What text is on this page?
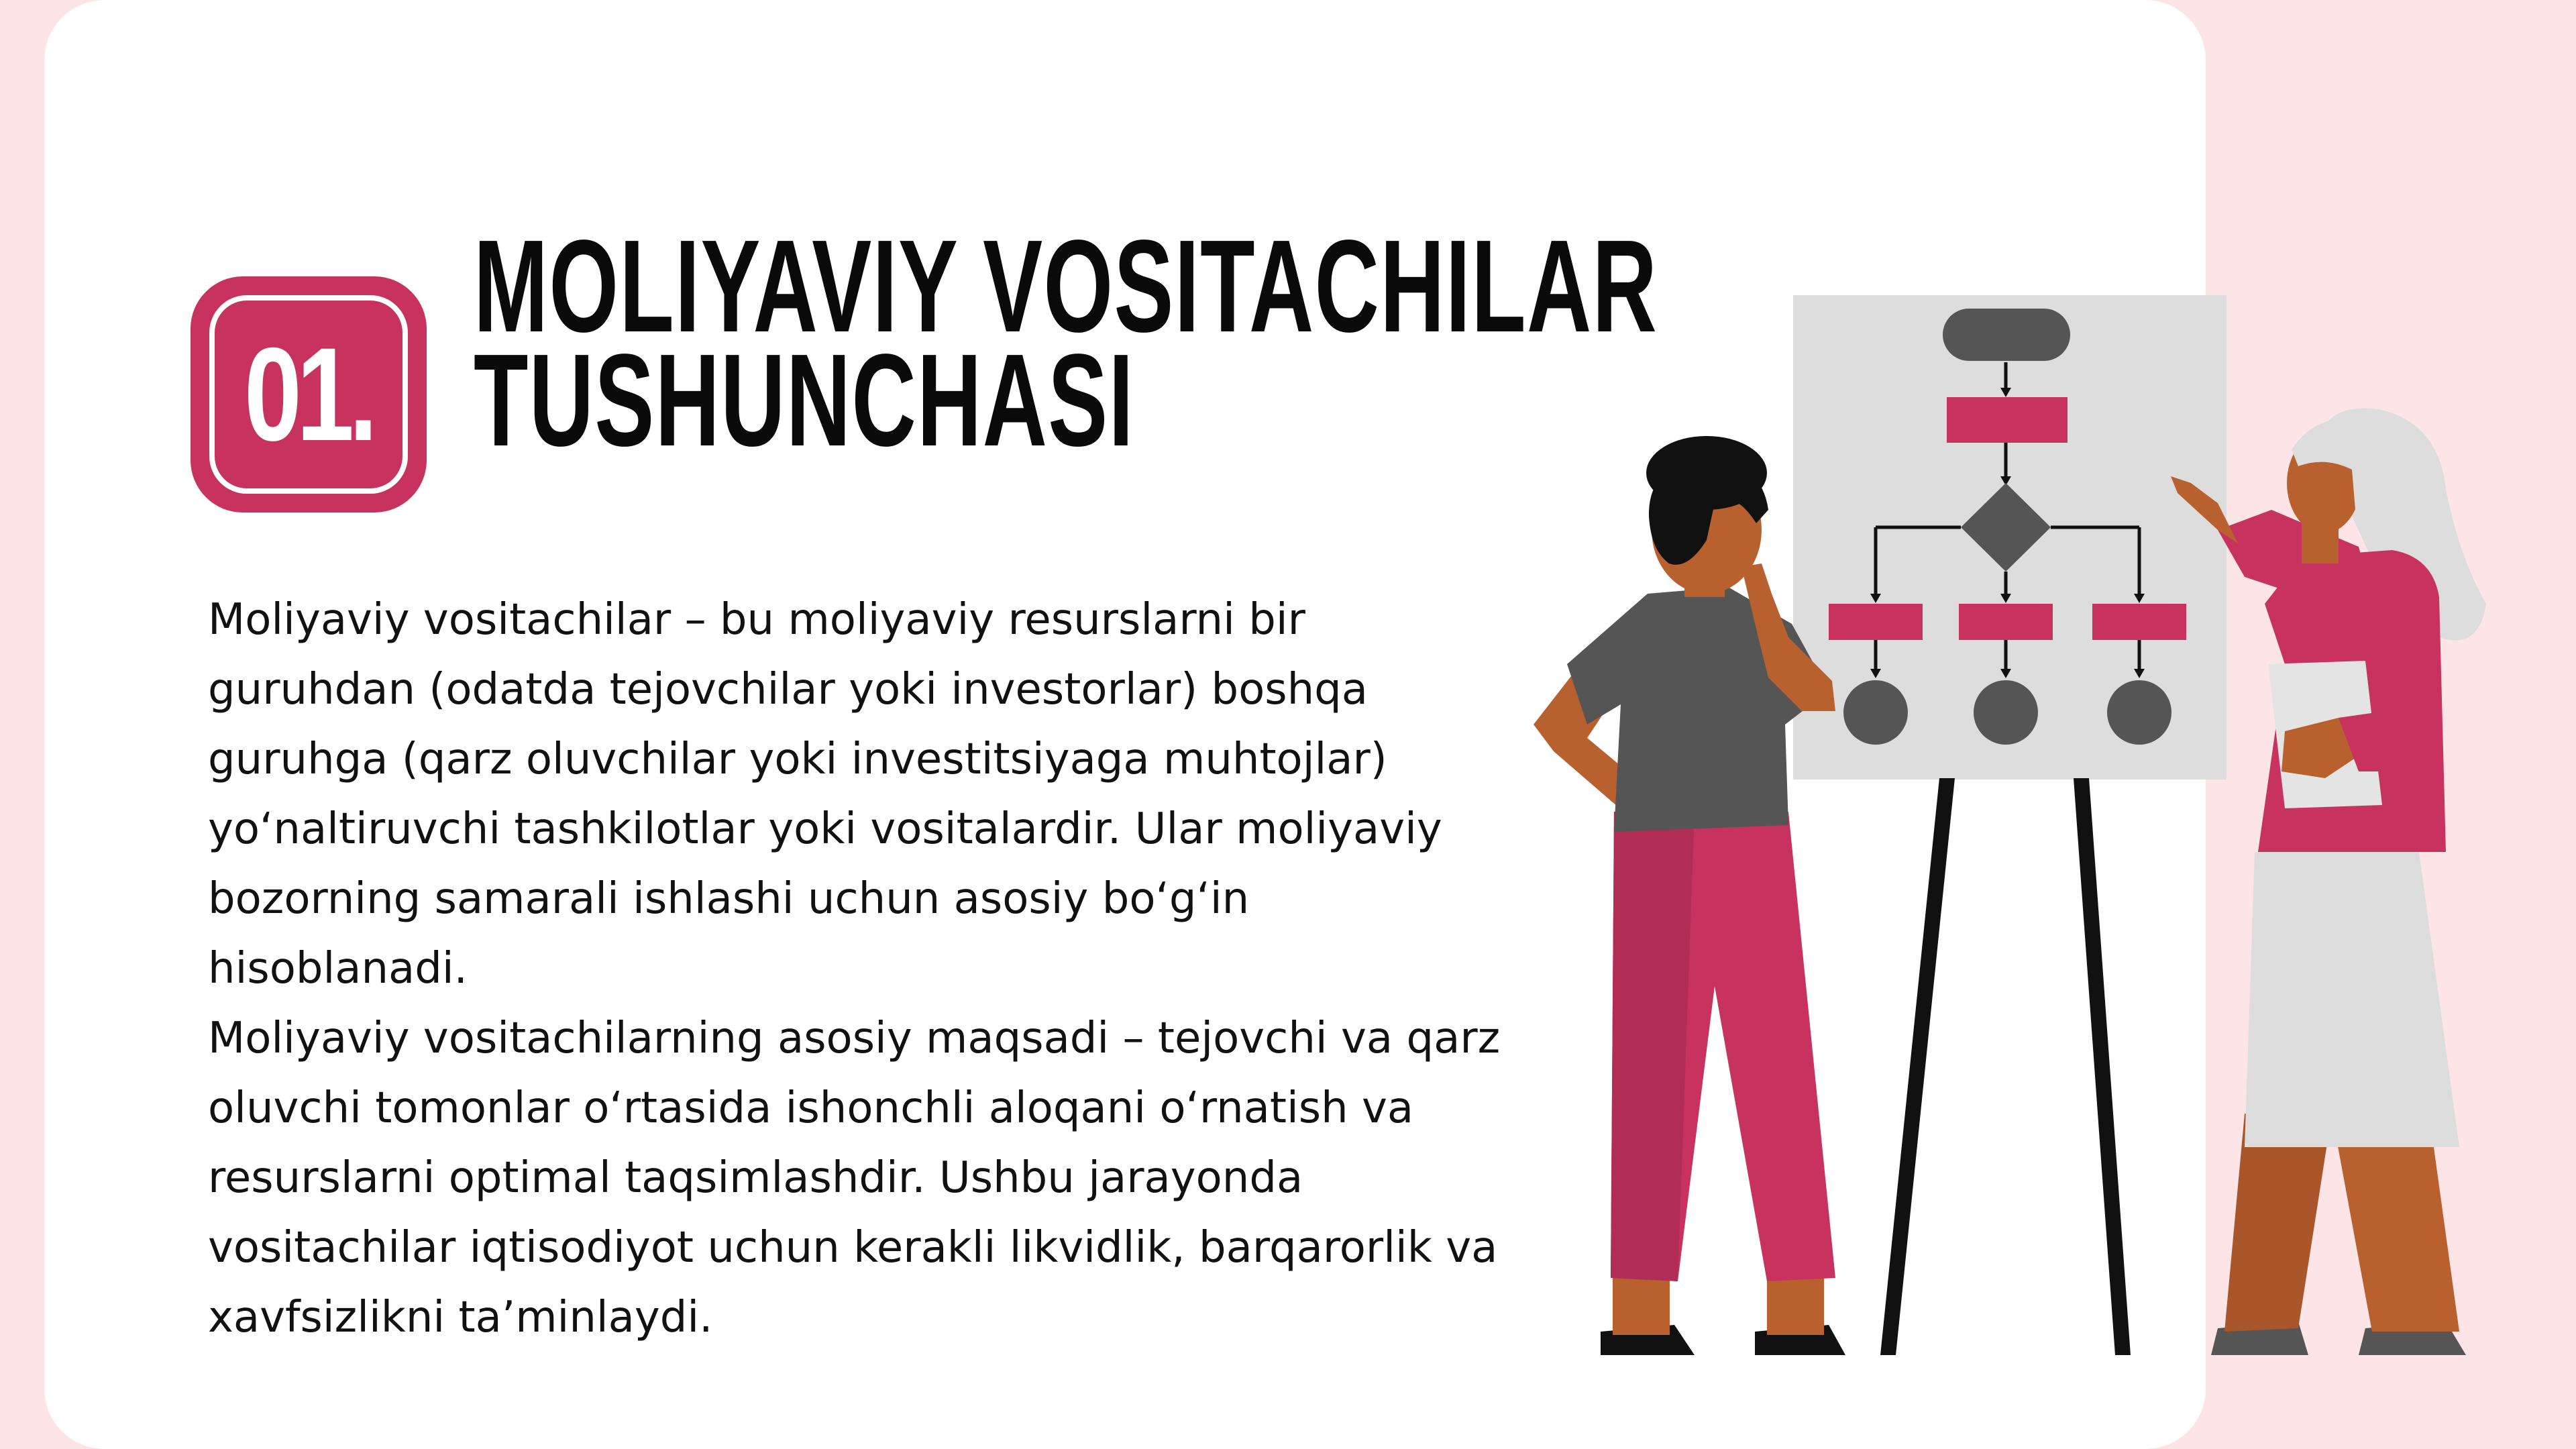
01.
MOLIYAVIY VOSITACHILAR
TUSHUNCHASI

Moliyaviy vositachilar – bu moliyaviy resurslarni bir guruhdan (odatda tejovchilar yoki investorlar) boshqa guruhga (qarz oluvchilar yoki investitsiyaga muhtojlar) yoʻnaltiruvchi tashkilotlar yoki vositalardir. Ular moliyaviy bozorning samarali ishlashi uchun asosiy boʻgʻin hisoblanadi.

Moliyaviy vositachilarning asosiy maqsadi – tejovchi va qarz oluvchi tomonlar oʻrtasida ishonchli aloqani oʻrnatish va resurslarni optimal taqsimlashdir. Ushbu jarayonda vositachilar iqtisodiyot uchun kerakli likvidlik, barqarorlik va xavfsizlikni taʼminlaydi.
